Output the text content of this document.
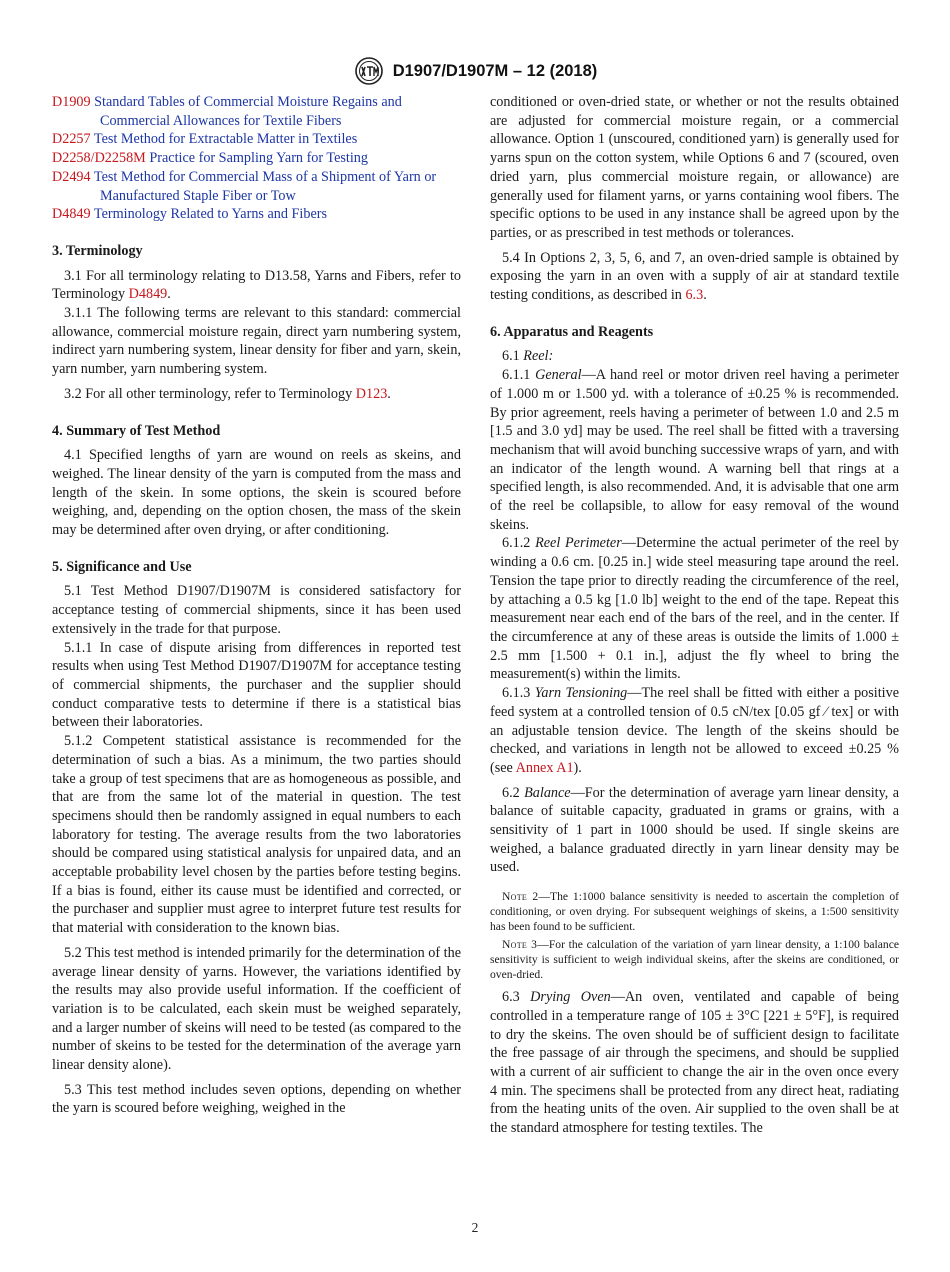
D1907/D1907M – 12 (2018)
D1909 Standard Tables of Commercial Moisture Regains and Commercial Allowances for Textile Fibers
D2257 Test Method for Extractable Matter in Textiles
D2258/D2258M Practice for Sampling Yarn for Testing
D2494 Test Method for Commercial Mass of a Shipment of Yarn or Manufactured Staple Fiber or Tow
D4849 Terminology Related to Yarns and Fibers
3. Terminology

3.1 For all terminology relating to D13.58, Yarns and Fibers, refer to Terminology D4849.

3.1.1 The following terms are relevant to this standard: commercial allowance, commercial moisture regain, direct yarn numbering system, indirect yarn numbering system, linear density for fiber and yarn, skein, yarn number, yarn numbering system.

3.2 For all other terminology, refer to Terminology D123.

4. Summary of Test Method

4.1 Specified lengths of yarn are wound on reels as skeins, and weighed. The linear density of the yarn is computed from the mass and length of the skein. In some options, the skein is scoured before weighing, and, depending on the option chosen, the mass of the skein may be determined after oven drying, or after conditioning.

5. Significance and Use

5.1 Test Method D1907/D1907M is considered satisfactory for acceptance testing of commercial shipments, since it has been used extensively in the trade for that purpose.

5.1.1 In case of dispute arising from differences in reported test results when using Test Method D1907/D1907M for acceptance testing of commercial shipments, the purchaser and the supplier should conduct comparative tests to determine if there is a statistical bias between their laboratories.

5.1.2 Competent statistical assistance is recommended for the determination of such a bias. As a minimum, the two parties should take a group of test specimens that are as homogeneous as possible, and that are from the same lot of the material in question. The test specimens should then be randomly assigned in equal numbers to each laboratory for testing. The average results from the two laboratories should be compared using statistical analysis for unpaired data, and an acceptable probability level chosen by the parties before testing begins. If a bias is found, either its cause must be identified and corrected, or the purchaser and supplier must agree to interpret future test results for that material with consideration to the known bias.

5.2 This test method is intended primarily for the determination of the average linear density of yarns. However, the variations identified by the results may also provide useful information. If the coefficient of variation is to be calculated, each skein must be weighed separately, and a larger number of skeins will need to be tested (as compared to the number of skeins to be tested for the determination of the average yarn linear density alone).

5.3 This test method includes seven options, depending on whether the yarn is scoured before weighing, weighed in the

conditioned or oven-dried state, or whether or not the results obtained are adjusted for commercial moisture regain, or a commercial allowance. Option 1 (unscoured, conditioned yarn) is generally used for yarns spun on the cotton system, while Options 6 and 7 (scoured, oven dried yarn, plus commercial moisture regain, or allowance) are generally used for filament yarns, or yarns containing wool fibers. The specific options to be used in any instance shall be agreed upon by the parties, or as prescribed in test methods or tolerances.

5.4 In Options 2, 3, 5, 6, and 7, an oven-dried sample is obtained by exposing the yarn in an oven with a supply of air at standard textile testing conditions, as described in 6.3.

6. Apparatus and Reagents

6.1 Reel:

6.1.1 General—A hand reel or motor driven reel having a perimeter of 1.000 m or 1.500 yd. with a tolerance of ±0.25 % is recommended. By prior agreement, reels having a perimeter of between 1.0 and 2.5 m [1.5 and 3.0 yd] may be used. The reel shall be fitted with a traversing mechanism that will avoid bunching successive wraps of yarn, and with an indicator of the length wound. A warning bell that rings at a specified length, is also recommended. And, it is advisable that one arm of the reel be collapsible, to allow for easy removal of the wound skeins.

6.1.2 Reel Perimeter—Determine the actual perimeter of the reel by winding a 0.6 cm. [0.25 in.] wide steel measuring tape around the reel. Tension the tape prior to directly reading the circumference of the reel, by attaching a 0.5 kg [1.0 lb] weight to the end of the tape. Repeat this measurement near each end of the bars of the reel, and in the center. If the circumference at any of these areas is outside the limits of 1.000 ± 2.5 mm [1.500 + 0.1 in.], adjust the fly wheel to bring the measurement(s) within the limits.

6.1.3 Yarn Tensioning—The reel shall be fitted with either a positive feed system at a controlled tension of 0.5 cN/tex [0.05 gf ⁄ tex] or with an adjustable tension device. The length of the skeins should be checked, and variations in length not be allowed to exceed ±0.25 % (see Annex A1).

6.2 Balance—For the determination of average yarn linear density, a balance of suitable capacity, graduated in grams or grains, with a sensitivity of 1 part in 1000 should be used. If single skeins are weighed, a balance graduated directly in yarn linear density may be used.

Note 2—The 1:1000 balance sensitivity is needed to ascertain the completion of conditioning, or oven drying. For subsequent weighings of skeins, a 1:500 sensitivity has been found to be sufficient.

Note 3—For the calculation of the variation of yarn linear density, a 1:100 balance sensitivity is sufficient to weigh individual skeins, after the skeins are conditioned, or oven-dried.

6.3 Drying Oven—An oven, ventilated and capable of being controlled in a temperature range of 105 ± 3°C [221 ± 5°F], is required to dry the skeins. The oven should be of sufficient design to facilitate the free passage of air through the specimens, and should be supplied with a current of air sufficient to change the air in the oven once every 4 min. The specimens shall be protected from any direct heat, radiating from the heating units of the oven. Air supplied to the oven shall be at the standard atmosphere for testing textiles. The

2
